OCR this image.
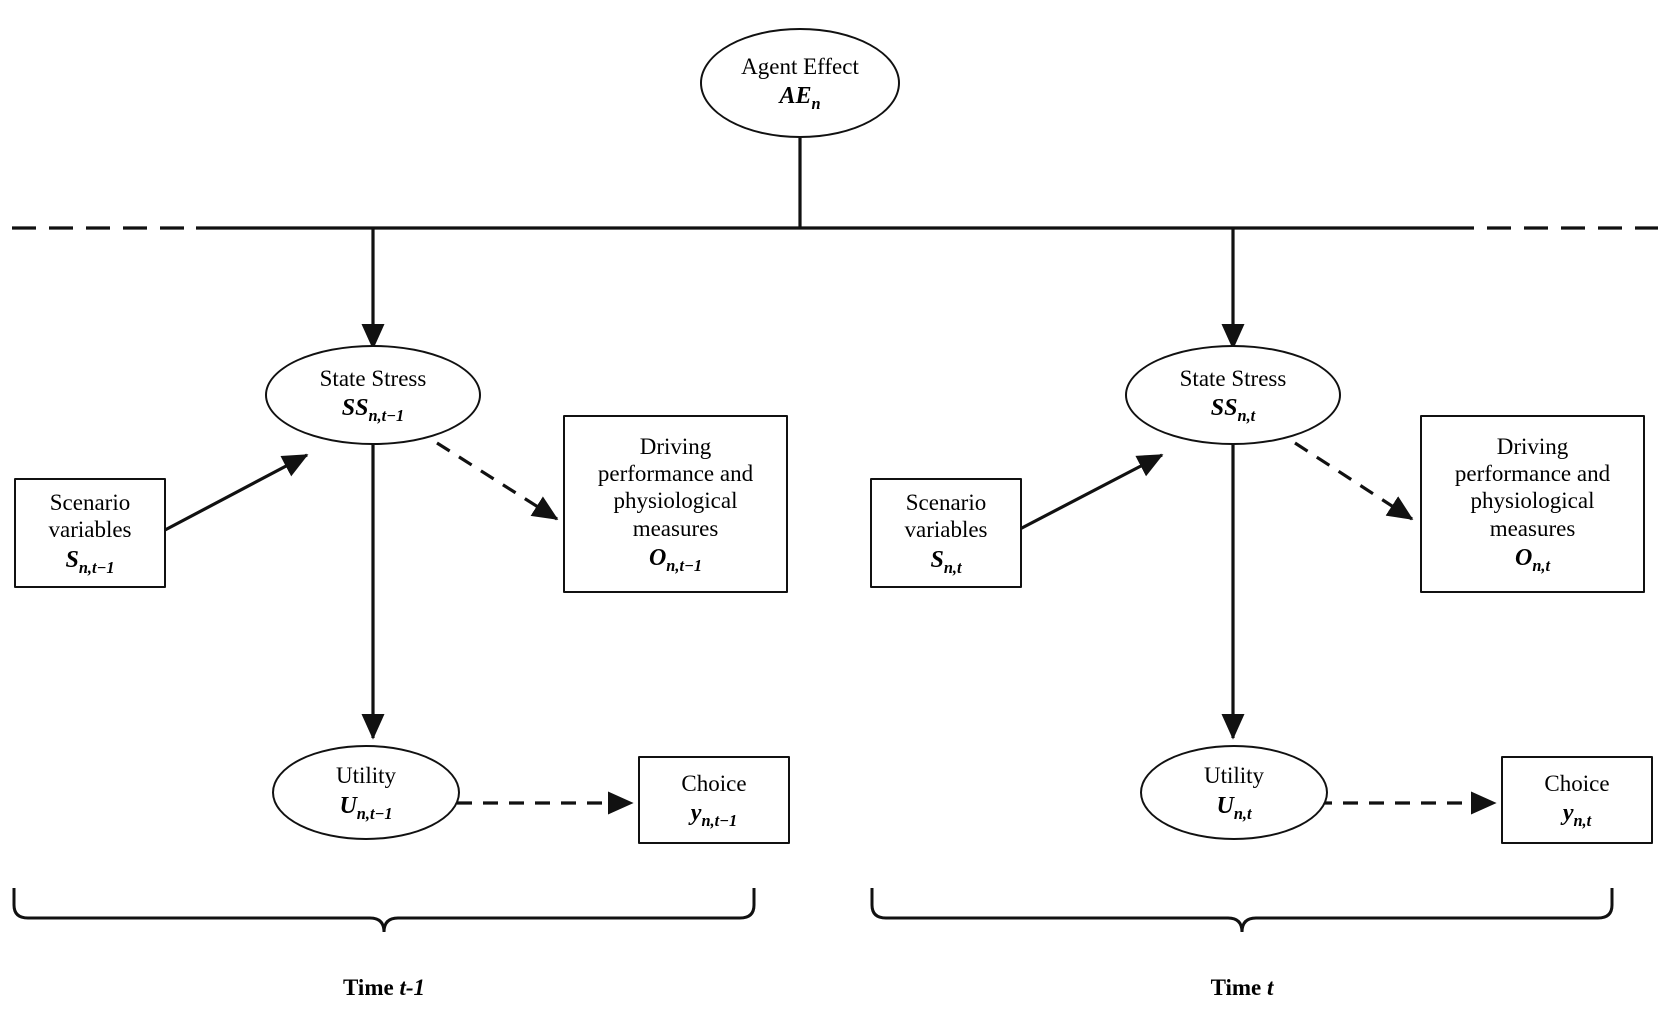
Agent Effect
$AE_n$
State Stress
$SS_{n,t-1}$
Scenario
variables
$S_{n,t-1}$
Driving
performance and
physiological
measures
$O_{n,t-1}$
Utility
$U_{n,t-1}$
Choice
$y_{n,t-1}$
Time t-1
State Stress
$SS_{n,t}$
Scenario
variables
$S_{n,t}$
Driving
performance and
physiological
measures
$O_{n,t}$
Utility
$U_{n,t}$
Choice
$y_{n,t}$
Time t
